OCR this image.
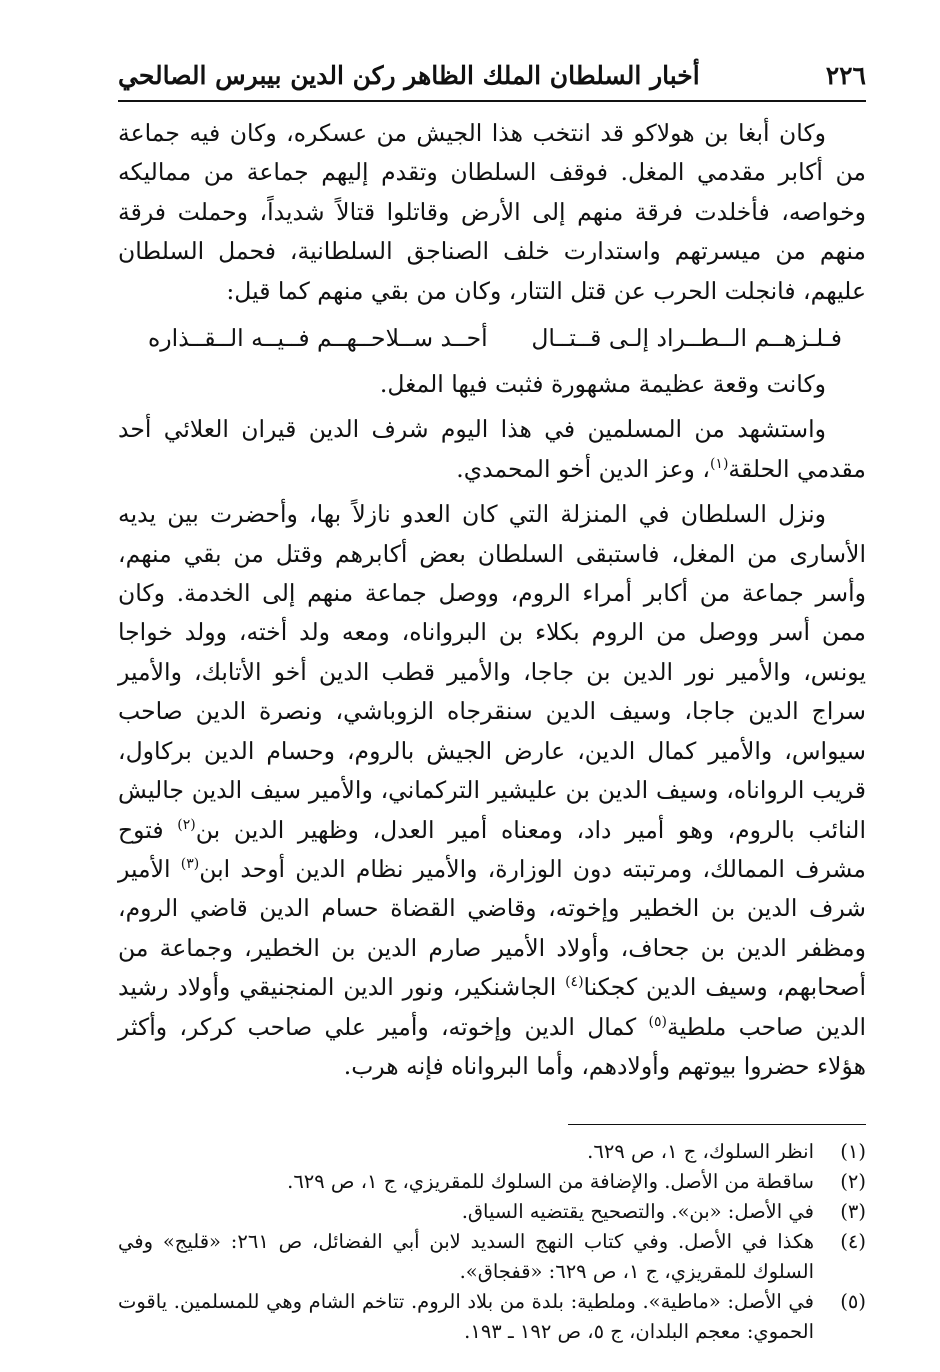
٢٢٦
أخبار السلطان الملك الظاهر ركن الدين بيبرس الصالحي

وكان أبغا بن هولاكو قد انتخب هذا الجيش من عسكره، وكان فيه جماعة من أكابر مقدمي المغل. فوقف السلطان وتقدم إليهم جماعة من مماليكه وخواصه، فأخلدت فرقة منهم إلى الأرض وقاتلوا قتالاً شديداً، وحملت فرقة منهم من ميسرتهم واستدارت خلف الصناجق السلطانية، فحمل السلطان عليهم، فانجلت الحرب عن قتل التتار، وكان من بقي منهم كما قيل:

فـلـزهــم الــطــراد إلـى قــتــال
أحــد ســلاحــهــم فــيــه الــقــذاره

وكانت وقعة عظيمة مشهورة فثبت فيها المغل.

واستشهد من المسلمين في هذا اليوم شرف الدين قيران العلائي أحد مقدمي الحلقة$^{(١)}$، وعز الدين أخو المحمدي.

ونزل السلطان في المنزلة التي كان العدو نازلاً بها، وأحضرت بين يديه الأسارى من المغل، فاستبقى السلطان بعض أكابرهم وقتل من بقي منهم، وأسر جماعة من أكابر أمراء الروم، ووصل جماعة منهم إلى الخدمة. وكان ممن أسر ووصل من الروم بكلاء بن البرواناه، ومعه ولد أخته، وولد خواجا يونس، والأمير نور الدين بن جاجا، والأمير قطب الدين أخو الأتابك، والأمير سراج الدين جاجا، وسيف الدين سنقرجاه الزوباشي، ونصرة الدين صاحب سيواس، والأمير كمال الدين، عارض الجيش بالروم، وحسام الدين بركاول، قريب الرواناه، وسيف الدين بن عليشير التركماني، والأمير سيف الدين جاليش النائب بالروم، وهو أمير داد، ومعناه أمير العدل، وظهير الدين بن$^{(٢)}$ فتوح مشرف الممالك، ومرتبته دون الوزارة، والأمير نظام الدين أوحد ابن$^{(٣)}$ الأمير شرف الدين بن الخطير وإخوته، وقاضي القضاة حسام الدين قاضي الروم، ومظفر الدين بن جحاف، وأولاد الأمير صارم الدين بن الخطير، وجماعة من أصحابهم، وسيف الدين كجكنا$^{(٤)}$ الجاشنكير، ونور الدين المنجنيقي وأولاد رشيد الدين صاحب ملطية$^{(٥)}$ كمال الدين وإخوته، وأمير علي صاحب كركر، وأكثر هؤلاء حضروا بيوتهم وأولادهم، وأما البرواناه فإنه هرب.

(١)
انظر السلوك، ج ١، ص ٦٢٩.
(٢)
ساقطة من الأصل. والإضافة من السلوك للمقريزي، ج ١، ص ٦٢٩.
(٣)
في الأصل: «بن». والتصحيح يقتضيه السياق.
(٤)
هكذا في الأصل. وفي كتاب النهج السديد لابن أبي الفضائل، ص ٢٦١: «قليج» وفي السلوك للمقريزي، ج ١، ص ٦٢٩: «قفجاق».
(٥)
في الأصل: «ماطية». وملطية: بلدة من بلاد الروم. تتاخم الشام وهي للمسلمين. ياقوت الحموي: معجم البلدان، ج ٥، ص ١٩٢ ـ ١٩٣.
